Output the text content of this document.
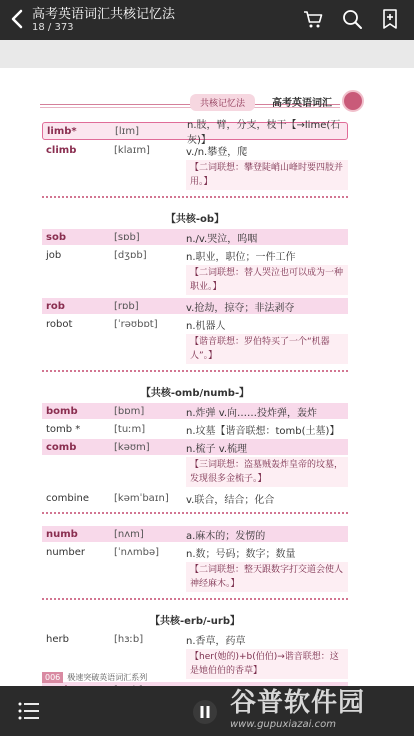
高考英语词汇共核记忆法
18 / 373
共核记忆法	高考英语词汇
limb*	[lɪm]	n.肢，臂，分支，枝干【→lime(石灰)】
climb	[klaɪm]	v./n.攀登，爬
【二词联想：攀登陡峭山峰时要四肢并用。】
【共核-ob】
sob	[sɒb]	n./v.哭泣，呜咽
job	[dʒɒb]	n.职业，职位；一件工作
【二词联想：替人哭泣也可以成为一种职业。】
rob	[rɒb]	v.抢劫，掠夺；非法剥夺
robot	[ˈrəʊbɒt]	n.机器人
【谐音联想：罗伯特买了一个“机器人”。】
【共核-omb/numb-】
bomb	[bɒm]	n.炸弹 v.向……投炸弹，轰炸
tomb *	[tuːm]	n.坟墓【谐音联想：tomb(土墓)】
comb	[kəʊm]	n.梳子 v.梳理
【三词联想：盗墓贼轰炸皇帝的坟墓，发现很多金梳子。】
combine	[kəmˈbaɪn]	v.联合，结合；化合
numb	[nʌm]	a.麻木的；发愣的
number	[ˈnʌmbə]	n.数；号码；数字；数量
【二词联想：整天跟数字打交道会使人神经麻木。】
【共核-erb/-urb】
herb	[hɜːb]	n.香草，药草
【her(她的)+b(伯伯)→谐音联想：这是她伯伯的香草】
006 极速突破英语词汇系列
谷普软件园
www.gupuxiazai.com
